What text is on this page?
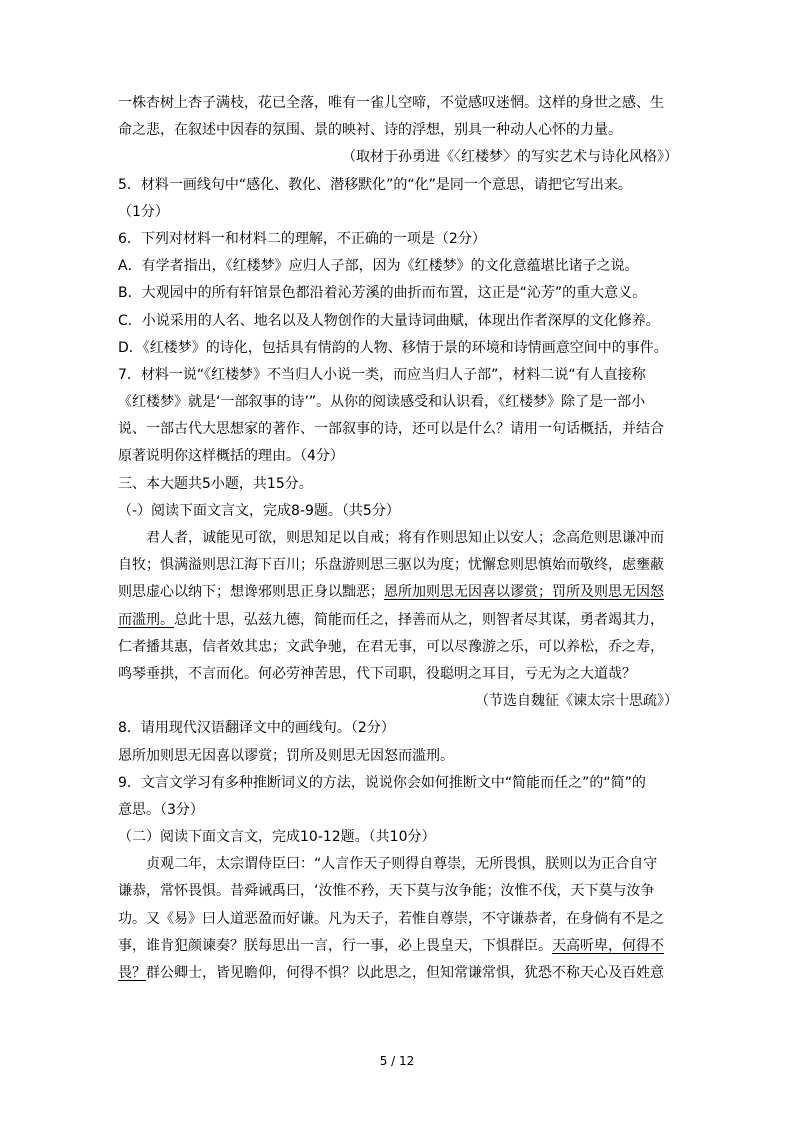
一株杏树上杏子满枝，花已全落，唯有一雀儿空啼，不觉感叹迷惘。这样的身世之感、生
命之悲，在叙述中因春的氛围、景的映衬、诗的浮想，别具一种动人心怀的力量。
（取材于孙勇进《〈红楼梦〉的写实艺术与诗化风格》）
5．材料一画线句中“感化、教化、潜移默化”的“化”是同一个意思，请把它写出来。
（1分）
6．下列对材料一和材料二的理解，不正确的一项是（2分）
A．有学者指出，《红楼梦》应归人子部，因为《红楼梦》的文化意蕴堪比诸子之说。
B．大观园中的所有轩馆景色都沿着沁芳溪的曲折而布置，这正是“沁芳”的重大意义。
C．小说采用的人名、地名以及人物创作的大量诗词曲赋，体现出作者深厚的文化修养。
D．《红楼梦》的诗化，包括具有情韵的人物、移情于景的环境和诗情画意空间中的事件。
7．材料一说“《红楼梦》不当归人小说一类，而应当归人子部”，材料二说“有人直接称
《红楼梦》就是‘一部叙事的诗’”。从你的阅读感受和认识看，《红楼梦》除了是一部小
说、一部古代大思想家的著作、一部叙事的诗，还可以是什么？请用一句话概括，并结合
原著说明你这样概括的理由。（4分）
三、本大题共5小题，共15分。
（-）阅读下面文言文，完成8-9题。（共5分）
君人者，诚能见可欲，则思知足以自戒；将有作则思知止以安人；念高危则思谦冲而
自牧；惧满溢则思江海下百川；乐盘游则思三驱以为度；忧懈怠则思慎始而敬终，虑壅蔽
则思虚心以纳下；想谗邪则思正身以黜恶；恩所加则思无因喜以谬赏；罚所及则思无因怒
而滥刑。总此十思，弘兹九德，简能而任之，择善而从之，则智者尽其谋，勇者竭其力，
仁者播其惠，信者效其忠；文武争驰，在君无事，可以尽豫游之乐，可以养松，乔之寿，
鸣琴垂拱，不言而化。何必劳神苦思，代下司职，役聪明之耳目，亏无为之大道哉？
（节选自魏征《谏太宗十思疏》）
8．请用现代汉语翻译文中的画线句。（2分）
恩所加则思无因喜以谬赏；罚所及则思无因怒而滥刑。
9．文言文学习有多种推断词义的方法，说说你会如何推断文中“简能而任之”的“简”的
意思。（3分）
（二）阅读下面文言文，完成10-12题。（共10分）
贞观二年，太宗谓侍臣曰：“人言作天子则得自尊崇，无所畏惧，朕则以为正合自守
谦恭，常怀畏惧。昔舜诫禹曰，‘汝惟不矜，天下莫与汝争能；汝惟不伐，天下莫与汝争
功。又《易》曰人道恶盈而好谦。凡为天子，若惟自尊崇，不守谦恭者，在身倘有不是之
事，谁肯犯颜谏奏？朕每思出一言，行一事，必上畏皇天，下惧群臣。天高听卑，何得不
畏？群公卿士，皆见瞻仰，何得不惧？以此思之，但知常谦常惧，犹恐不称天心及百姓意
5 / 12
